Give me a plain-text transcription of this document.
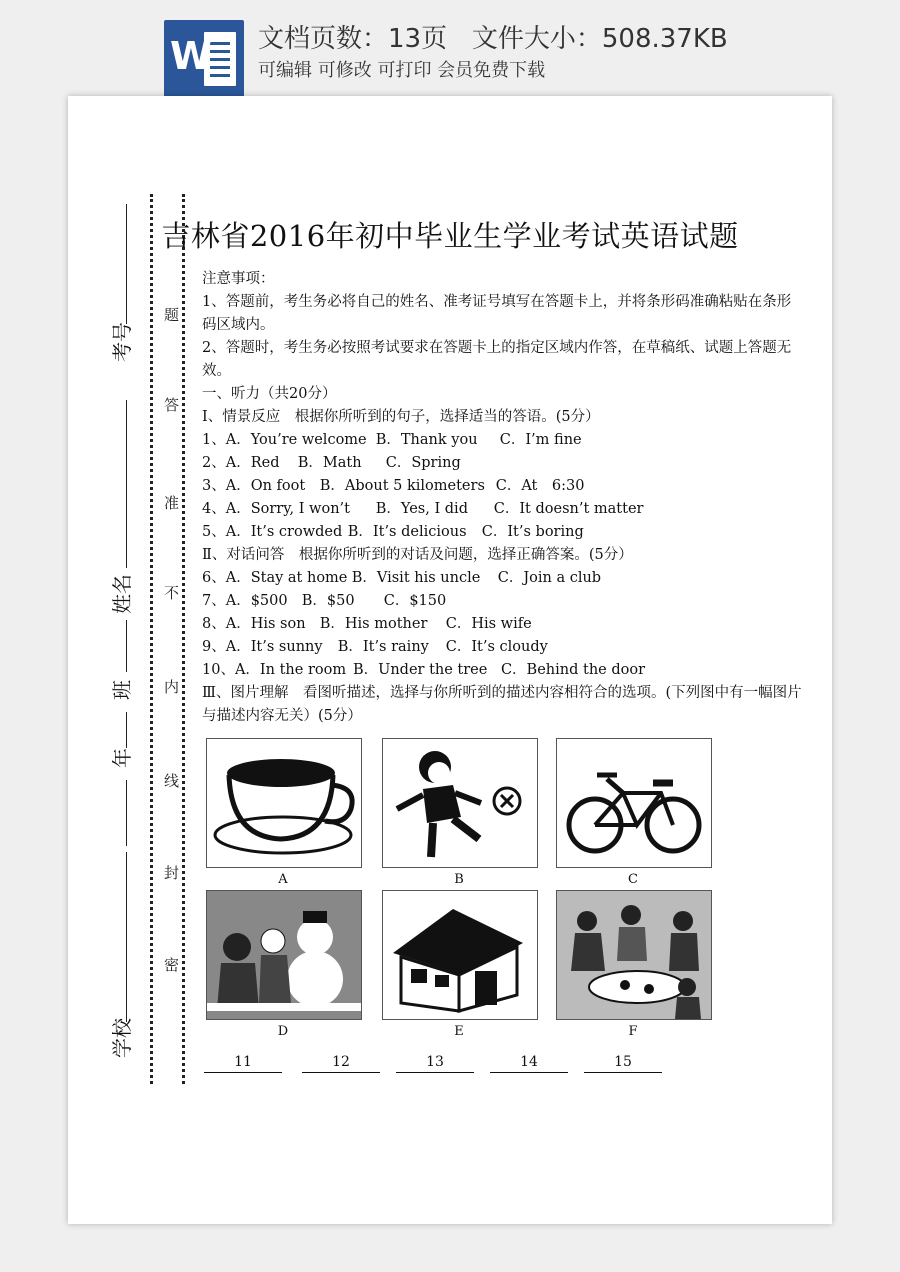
W 文档页数：13页   文件大小：508.37KB
可编辑 可修改 可打印 会员免费下载
考号
姓名
班
年
学校
题
答
准
不
内
线
封
密
吉林省2016年初中毕业生学业考试英语试题

注意事项：

1、答题前，考生务必将自己的姓名、准考证号填写在答题卡上，并将条形码准确粘贴在条形码区域内。

2、答题时，考生务必按照考试要求在答题卡上的指定区域内作答，在草稿纸、试题上答题无效。

一、听力（共20分）

Ⅰ、情景反应　根据你所听到的句子，选择适当的答语。(5分）

1、A．You’re welcome B．Thank you C．I’m fine

2、A．Red B．Math C．Spring

3、A．On foot B．About 5 kilometers C．At　6:30

4、A．Sorry, I won’t B．Yes, I did C．It doesn’t matter

5、A．It’s crowded B．It’s delicious C．It’s boring

Ⅱ、对话问答　根据你所听到的对话及问题，选择正确答案。(5分）

6、A．Stay at home B．Visit his uncle C．Join a club

7、A．$500 B．$50 C．$150

8、A．His son B．His mother C．His wife

9、A．It’s sunny B．It’s rainy C．It’s cloudy

10、A．In the room B．Under the tree C．Behind the door

Ⅲ、图片理解　看图听描述，选择与你所听到的描述内容相符合的选项。(下列图中有一幅图片与描述内容无关）(5分）

A	B	C
D	E	F
11	12	13	14	15
